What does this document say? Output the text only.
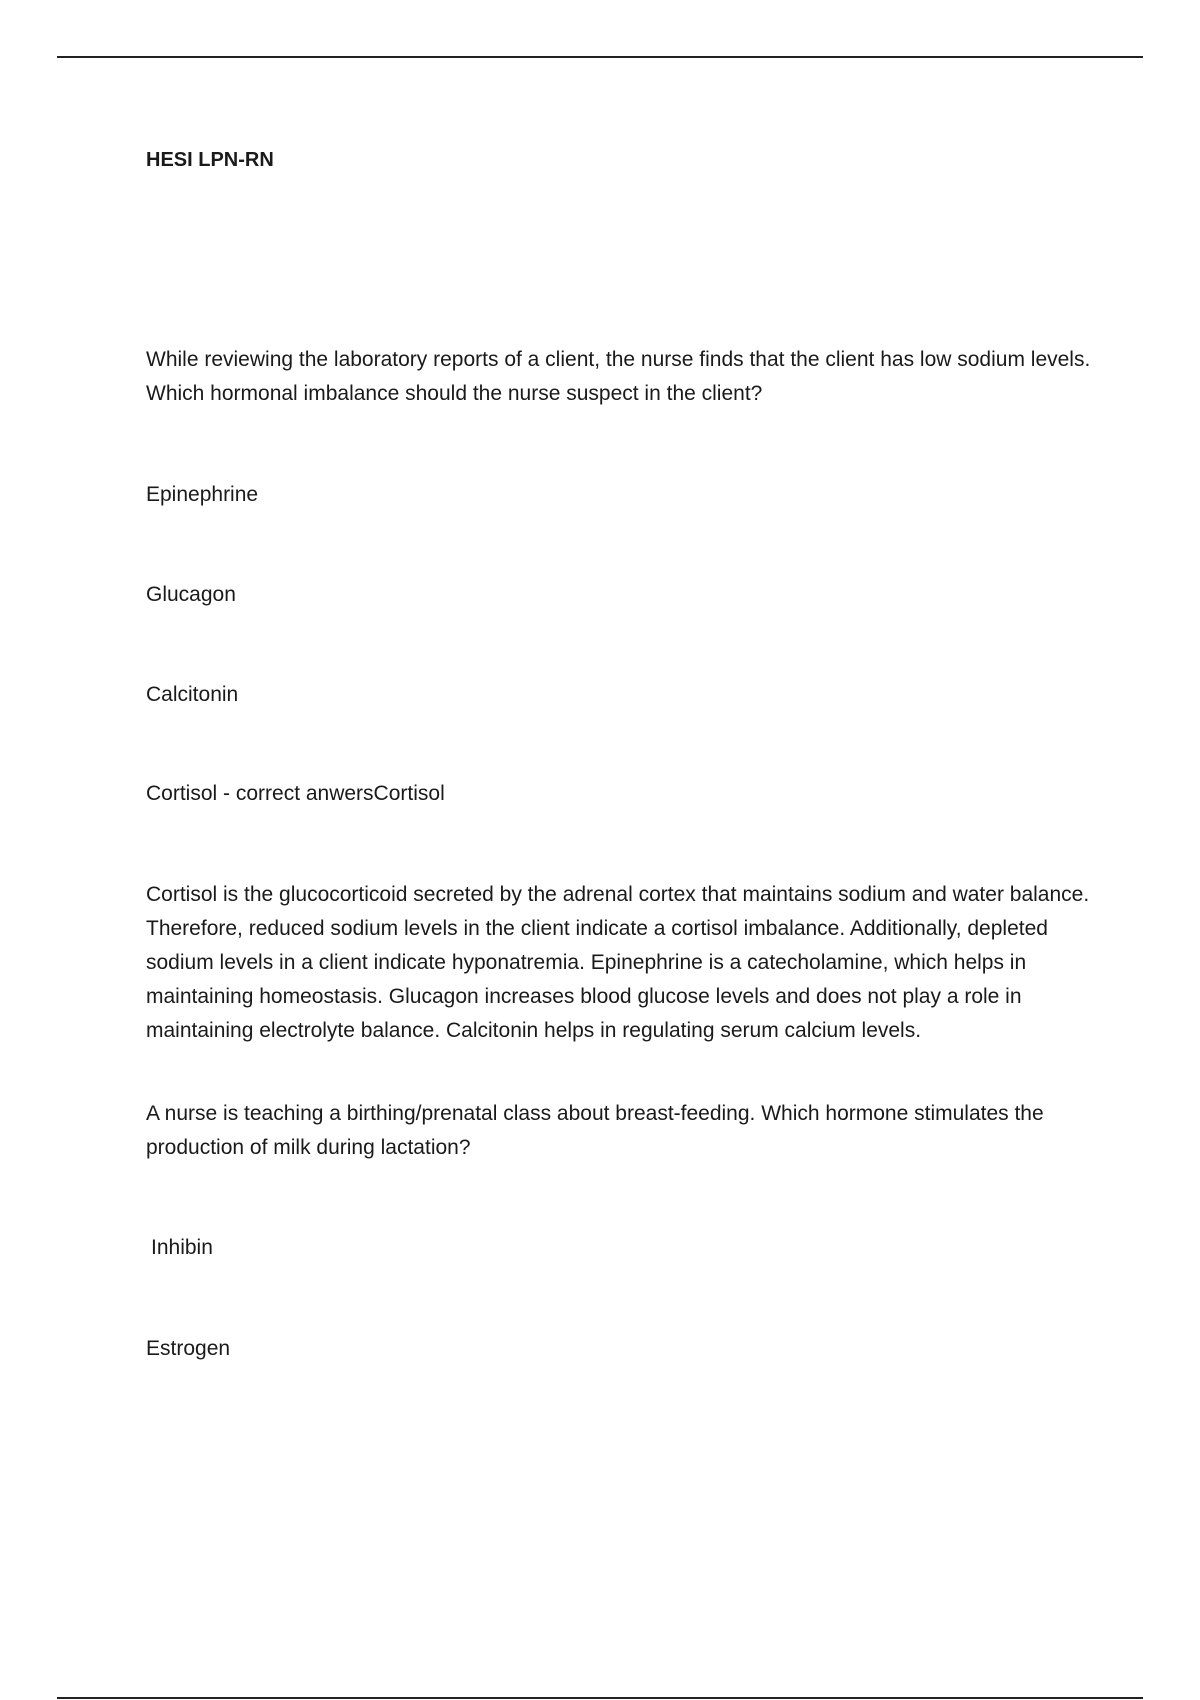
HESI LPN-RN

While reviewing the laboratory reports of a client, the nurse finds that the client has low sodium levels. Which hormonal imbalance should the nurse suspect in the client?

Epinephrine

Glucagon

Calcitonin

Cortisol - correct anwersCortisol

Cortisol is the glucocorticoid secreted by the adrenal cortex that maintains sodium and water balance. Therefore, reduced sodium levels in the client indicate a cortisol imbalance. Additionally, depleted sodium levels in a client indicate hyponatremia. Epinephrine is a catecholamine, which helps in maintaining homeostasis. Glucagon increases blood glucose levels and does not play a role in maintaining electrolyte balance. Calcitonin helps in regulating serum calcium levels.

A nurse is teaching a birthing/prenatal class about breast-feeding. Which hormone stimulates the production of milk during lactation?

Inhibin

Estrogen
